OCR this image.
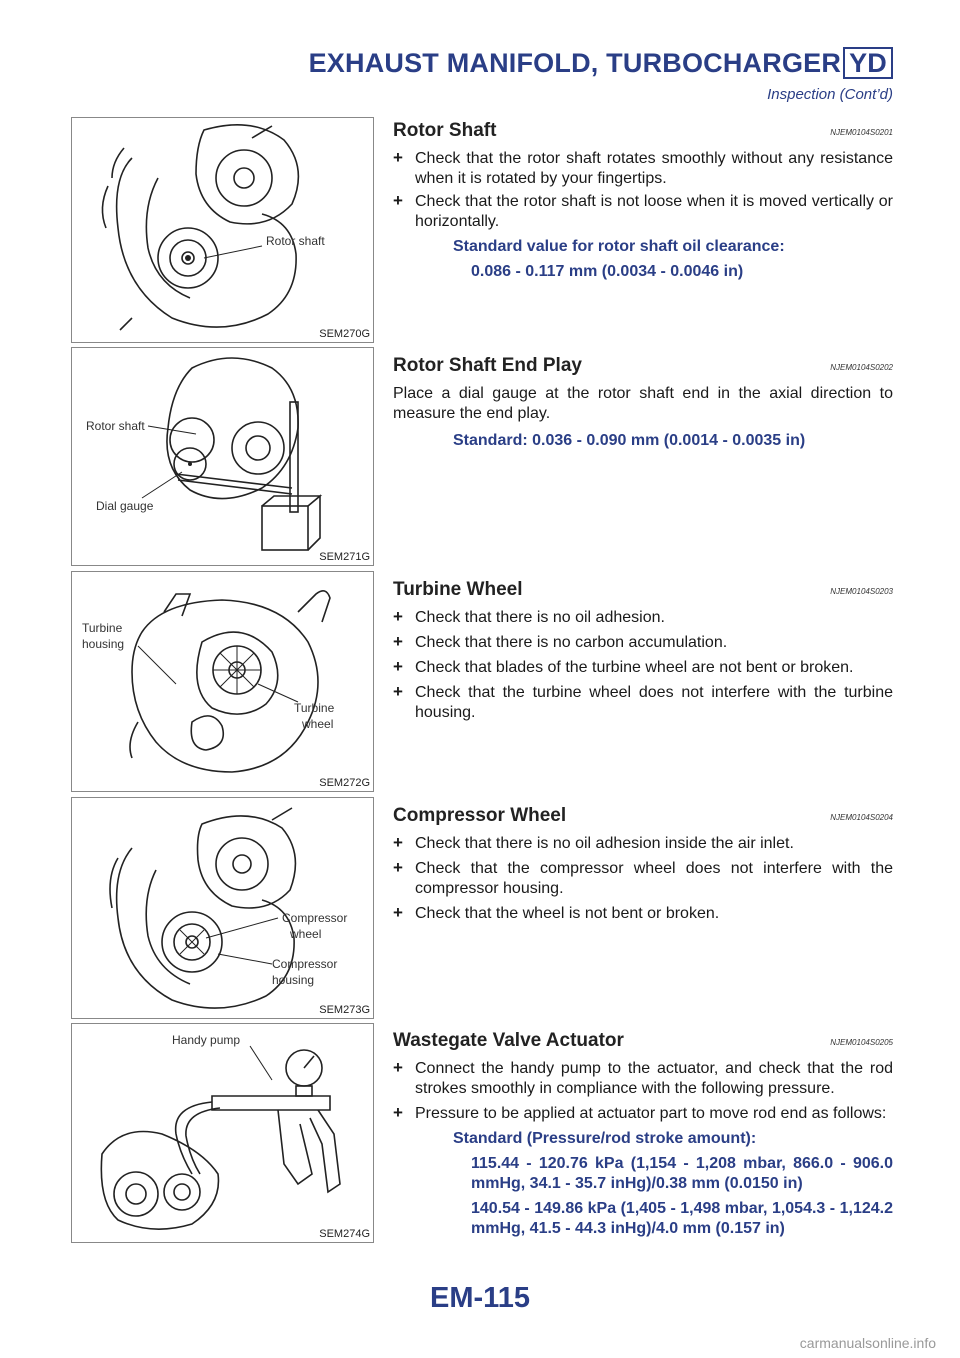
EXHAUST MANIFOLD, TURBOCHARGER YD
Inspection (Cont’d)
Rotor shaft
SEM270G
Rotor shaft
Dial gauge
SEM271G
Turbine
housing
Turbine
wheel
SEM272G
Compressor
wheel
Compressor
housing
SEM273G
Handy pump
SEM274G
Rotor Shaft	NJEM0104S0201
+ Check that the rotor shaft rotates smoothly without any resistance when it is rotated by your fingertips.
+ Check that the rotor shaft is not loose when it is moved vertically or horizontally.
Standard value for rotor shaft oil clearance:
0.086 - 0.117 mm (0.0034 - 0.0046 in)
Rotor Shaft End Play	NJEM0104S0202
Place a dial gauge at the rotor shaft end in the axial direction to measure the end play.
Standard: 0.036 - 0.090 mm (0.0014 - 0.0035 in)
Turbine Wheel	NJEM0104S0203
+ Check that there is no oil adhesion.
+ Check that there is no carbon accumulation.
+ Check that blades of the turbine wheel are not bent or broken.
+ Check that the turbine wheel does not interfere with the turbine housing.
Compressor Wheel	NJEM0104S0204
+ Check that there is no oil adhesion inside the air inlet.
+ Check that the compressor wheel does not interfere with the compressor housing.
+ Check that the wheel is not bent or broken.
Wastegate Valve Actuator	NJEM0104S0205
+ Connect the handy pump to the actuator, and check that the rod strokes smoothly in compliance with the following pressure.
+ Pressure to be applied at actuator part to move rod end as follows:
Standard (Pressure/rod stroke amount):
115.44 - 120.76 kPa (1,154 - 1,208 mbar, 866.0 - 906.0 mmHg, 34.1 - 35.7 inHg)/0.38 mm (0.0150 in)
140.54 - 149.86 kPa (1,405 - 1,498 mbar, 1,054.3 - 1,124.2 mmHg, 41.5 - 44.3 inHg)/4.0 mm (0.157 in)
EM-115
carmanualsonline.info
